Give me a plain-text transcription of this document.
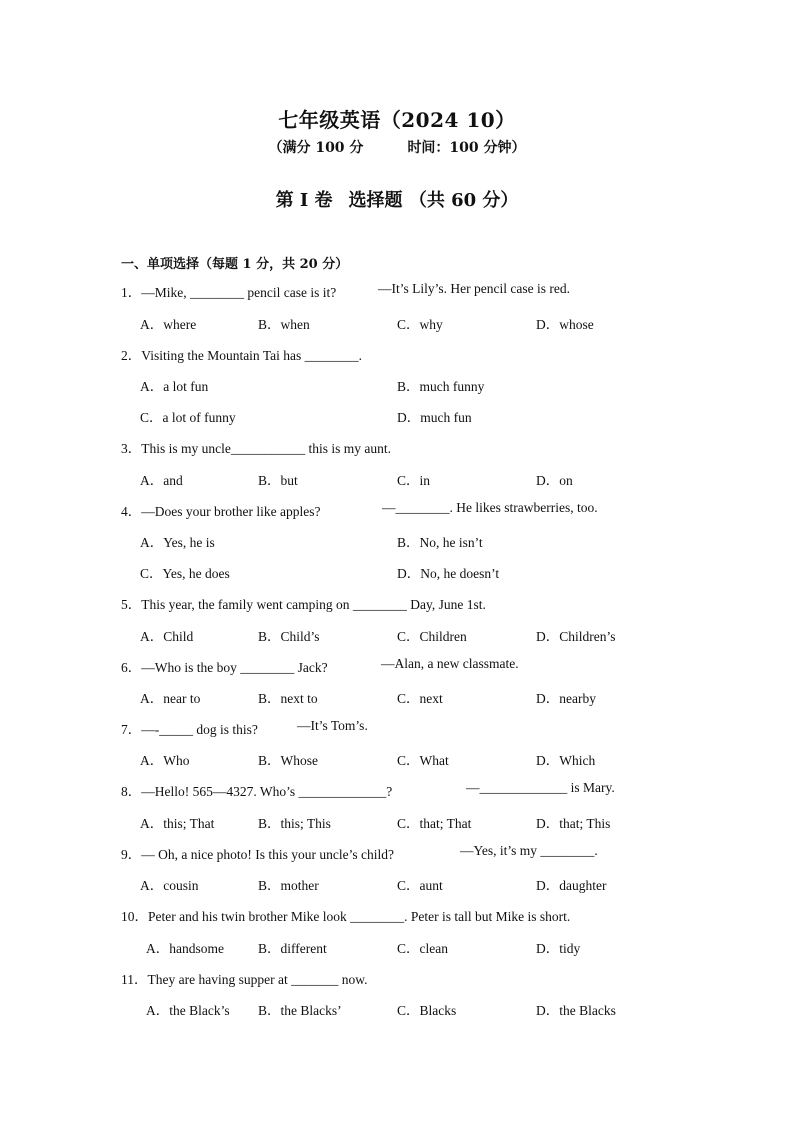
七年级英语（2024 10）
（满分 100 分	时间：100 分钟）
第 I 卷 选择题 （共 60 分）
一、单项选择（每题 1 分，共 20 分）
1．—Mike, ________ pencil case is it?	—It’s Lily’s. Her pencil case is red.
A．where	B．when	C．why	D．whose
2．Visiting the Mountain Tai has ________.
A．a lot fun	B．much funny
C．a lot of funny	D．much fun
3．This is my uncle___________ this is my aunt.
A．and	B．but	C．in	D．on
4．—Does your brother like apples?	—________. He likes strawberries, too.
A．Yes, he is	B．No, he isn’t
C．Yes, he does	D．No, he doesn’t
5．This year, the family went camping on ________ Day, June 1st.
A．Child	B．Child’s	C．Children	D．Children’s
6．—Who is the boy ________ Jack?	—Alan, a new classmate.
A．near to	B．next to	C．next	D．nearby
7．—-_____ dog is this?	—It’s Tom’s.
A．Who	B．Whose	C．What	D．Which
8．—Hello! 565—4327. Who’s _____________?	—_____________ is Mary.
A．this; That	B．this; This	C．that; That	D．that; This
9．— Oh, a nice photo! Is this your uncle’s child?	—Yes, it’s my ________.
A．cousin	B．mother	C．aunt	D．daughter
10．Peter and his twin brother Mike look ________. Peter is tall but Mike is short.
A．handsome	B．different	C．clean	D．tidy
11．They are having supper at _______ now.
A．the Black’s B．the Blacks’	C．Blacks	D．the Blacks
